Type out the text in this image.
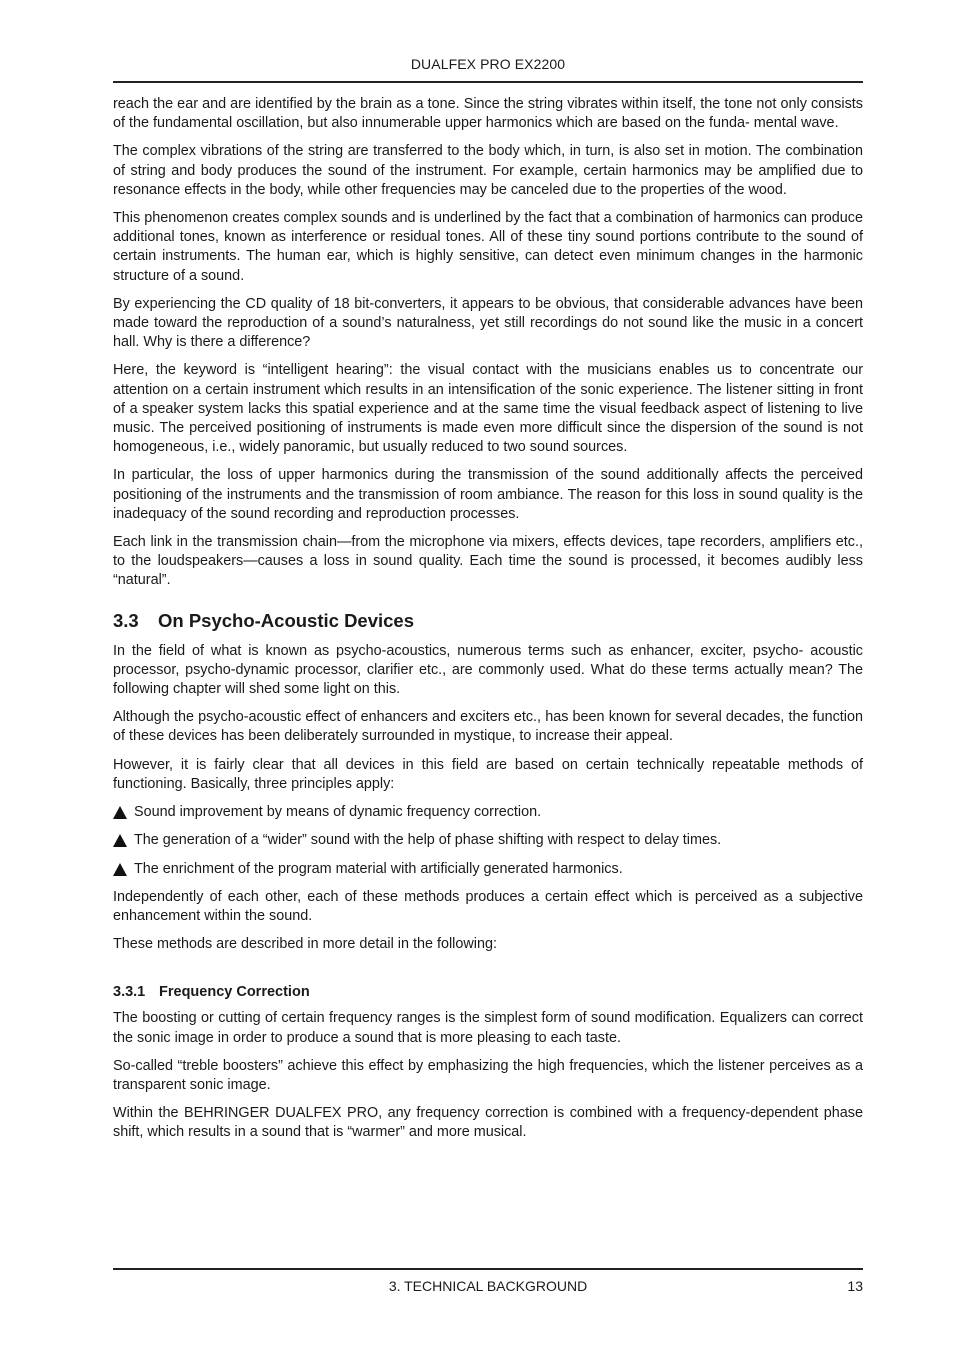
DUALFEX PRO EX2200

reach the ear and are identified by the brain as a tone. Since the string vibrates within itself, the tone not only consists of the fundamental oscillation, but also innumerable upper harmonics which are based on the funda- mental wave.

The complex vibrations of the string are transferred to the body which, in turn, is also set in motion. The combination of string and body produces the sound of the instrument. For example, certain harmonics may be amplified due to resonance effects in the body, while other frequencies may be canceled due to the properties of the wood.

This phenomenon creates complex sounds and is underlined by the fact that a combination of harmonics can produce additional tones, known as interference or residual tones. All of these tiny sound portions contribute to the sound of certain instruments. The human ear, which is highly sensitive, can detect even minimum changes in the harmonic structure of a sound.

By experiencing the CD quality of 18 bit-converters, it appears to be obvious, that considerable advances have been made toward the reproduction of a sound’s naturalness, yet still recordings do not sound like the music in a concert hall. Why is there a difference?

Here, the keyword is “intelligent hearing”: the visual contact with the musicians enables us to concentrate our attention on a certain instrument which results in an intensification of the sonic experience. The listener sitting in front of a speaker system lacks this spatial experience and at the same time the visual feedback aspect of listening to live music. The perceived positioning of instruments is made even more difficult since the dispersion of the sound is not homogeneous, i.e., widely panoramic, but usually reduced to two sound sources.

In particular, the loss of upper harmonics during the transmission of the sound additionally affects the perceived positioning of the instruments and the transmission of room ambiance. The reason for this loss in sound quality is the inadequacy of the sound recording and reproduction processes.

Each link in the transmission chain—from the microphone via mixers, effects devices, tape recorders, amplifiers etc., to the loudspeakers—causes a loss in sound quality. Each time the sound is processed, it becomes audibly less “natural”.

3.3 On Psycho-Acoustic Devices

In the field of what is known as psycho-acoustics, numerous terms such as enhancer, exciter, psycho- acoustic processor, psycho-dynamic processor, clarifier etc., are commonly used. What do these terms actually mean? The following chapter will shed some light on this.

Although the psycho-acoustic effect of enhancers and exciters etc., has been known for several decades, the function of these devices has been deliberately surrounded in mystique, to increase their appeal.

However, it is fairly clear that all devices in this field are based on certain technically repeatable methods of functioning. Basically, three principles apply:

Sound improvement by means of dynamic frequency correction.
The generation of a “wider” sound with the help of phase shifting with respect to delay times.
The enrichment of the program material with artificially generated harmonics.

Independently of each other, each of these methods produces a certain effect which is perceived as a subjective enhancement within the sound.

These methods are described in more detail in the following:

3.3.1 Frequency Correction

The boosting or cutting of certain frequency ranges is the simplest form of sound modification. Equalizers can correct the sonic image in order to produce a sound that is more pleasing to each taste.

So-called “treble boosters” achieve this effect by emphasizing the high frequencies, which the listener perceives as a transparent sonic image.

Within the BEHRINGER DUALFEX PRO, any frequency correction is combined with a frequency-dependent phase shift, which results in a sound that is “warmer” and more musical.

3. TECHNICAL BACKGROUND	13
